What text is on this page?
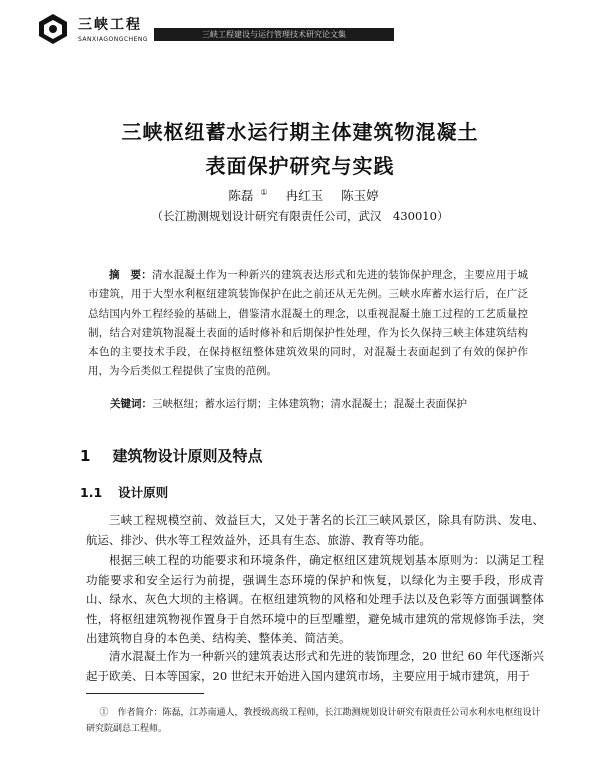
三峡工程
SANXIAGONGCHENG
三峡工程建设与运行管理技术研究论文集
三峡枢纽蓄水运行期主体建筑物混凝土
表面保护研究与实践
陈磊 ① 冉红玉 陈玉婷
（长江勘测规划设计研究有限责任公司，武汉　430010）
摘　要：清水混凝土作为一种新兴的建筑表达形式和先进的装饰保护理念，主要应用于城市建筑，用于大型水利枢纽建筑装饰保护在此之前还从无先例。三峡水库蓄水运行后，在广泛总结国内外工程经验的基础上，借鉴清水混凝土的理念，以重视混凝土施工过程的工艺质量控制，结合对建筑物混凝土表面的适时修补和后期保护性处理，作为长久保持三峡主体建筑结构本色的主要技术手段，在保持枢纽整体建筑效果的同时，对混凝土表面起到了有效的保护作用，为今后类似工程提供了宝贵的范例。
关键词：三峡枢纽；蓄水运行期；主体建筑物；清水混凝土；混凝土表面保护
1 建筑物设计原则及特点
1.1 设计原则
三峡工程规模空前、效益巨大，又处于著名的长江三峡风景区，除具有防洪、发电、航运、排沙、供水等工程效益外，还具有生态、旅游、教育等功能。
根据三峡工程的功能要求和环境条件，确定枢纽区建筑规划基本原则为：以满足工程功能要求和安全运行为前提，强调生态环境的保护和恢复，以绿化为主要手段，形成青山、绿水、灰色大坝的主格调。在枢纽建筑物的风格和处理手法以及色彩等方面强调整体性，将枢纽建筑物视作置身于自然环境中的巨型雕塑，避免城市建筑的常规修饰手法，突出建筑物自身的本色美、结构美、整体美、简洁美。
清水混凝土作为一种新兴的建筑表达形式和先进的装饰理念，20 世纪 60 年代逐渐兴起于欧美、日本等国家，20 世纪末开始进入国内建筑市场，主要应用于城市建筑，用于
①　 作者简介：陈磊，江苏南通人，教授级高级工程师，长江勘测规划设计研究有限责任公司水利水电枢纽设计研究院副总工程师。
